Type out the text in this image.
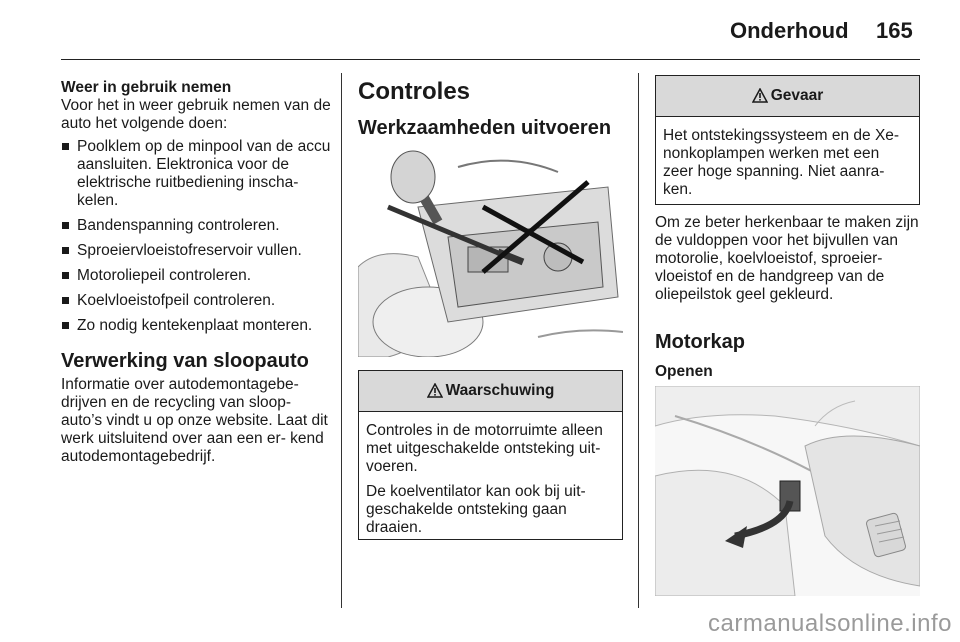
Onderhoud 165
Weer in gebruik nemen

Voor het in weer gebruik nemen van de auto het volgende doen:

Poolklem op de minpool van de accu aansluiten. Elektronica voor de elektrische ruitbediening inscha- kelen.
Bandenspanning controleren.
Sproeiervloeistofreservoir vullen.
Motoroliepeil controleren.
Koelvloeistofpeil controleren.
Zo nodig kentekenplaat monteren.
Verwerking van sloopauto

Informatie over autodemontagebe- drijven en de recycling van sloop- auto’s vindt u op onze website. Laat dit werk uitsluitend over aan een er- kend autodemontagebedrijf.

Controles
Werkzaamheden uitvoeren
Waarschuwing

Controles in de motorruimte alleen met uitgeschakelde ontsteking uit- voeren.

De koelventilator kan ook bij uit- geschakelde ontsteking gaan draaien.

Gevaar

Het ontstekingssysteem en de Xe- nonkoplampen werken met een zeer hoge spanning. Niet aanra- ken.

Om ze beter herkenbaar te maken zijn de vuldoppen voor het bijvullen van motorolie, koelvloeistof, sproeier- vloeistof en de handgreep van de oliepeilstok geel gekleurd.

Motorkap
Openen
carmanualsonline.info
